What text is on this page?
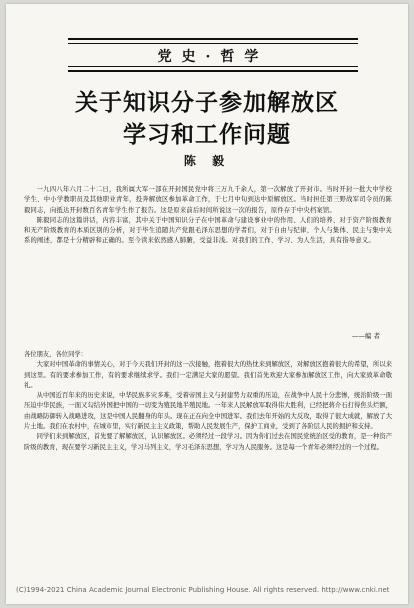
党史·哲学
关于知识分子参加解放区
学习和工作问题
陈 毅

一九四八年六月二十二日，我所属大军一部在开封国民党中将三万九千余人，第一次解放了开封市。当时开封一批大中学校学生、中小学教职员及其他职业青年，投奔解放区参加革命工作，于七月中旬到达中原解放区。当时担任第三野战军司令员的陈毅同志，向抵达开封数百名青年学生作了报告。这是原来前后时间所说这一次的报告，原件存于中央档案馆。

陈毅同志的这篇讲话，内容丰富，其中关于中国知识分子在中国革命与建设事业中的作用、人们的培养、对于资产阶级教育和无产阶级教育的本质区别的分析，对于毕生追随共产党跟毛泽东思想的学者们，对于自由与纪律、个人与集体、民主与集中关系的阐述，都是十分精辟和正确的。至今读来依然感人肺腑，受益非浅。对我们的工作、学习、为人生活，具有指导意义。

——编 者

各位朋友，各位同学：

大家对中国革命的事情关心，对于今天我们开封的这一次接触，抱着很大的热忱来到解放区，对解放区抱着很大的希望，所以来到这里。有的要求参加工作，有的要求继续求学。我们一定满足大家的愿望。我们首先欢迎大家参加解放区工作，向大家致革命敬礼。

从中国近百年来的历史来说，中华民族多灾多难，受着帝国主义与封建势力双重的压迫，在战争中人民十分悲惨，统治阶级一面压迫中华民族，一面又勾结外国把中国的一切变为殖民地半殖民地。一年来人民解放军取得伟大胜利，已经把蒋介石打得焦头烂额，由战略防御转入战略进攻，这是中国人民翻身的年头。现在正在向全中国进军。我们去年开始的大反攻，取得了很大成就，解放了大片土地。我们在农村中，在城市里，实行新民主主义政策，帮助人民发展生产，保护工商业，受到了各阶层人民的拥护和支持。

同学们来到解放区，首先要了解解放区，认识解放区。必须经过一段学习。因为你们过去在国民党统治区受的教育，是一种资产阶级的教育，现在要学习新民主主义，学习马列主义，学习毛泽东思想，学习为人民服务。这是每一个青年必须经过的一个过程。

(C)1994-2021 China Academic Journal Electronic Publishing House. All rights reserved. http://www.cnki.net
